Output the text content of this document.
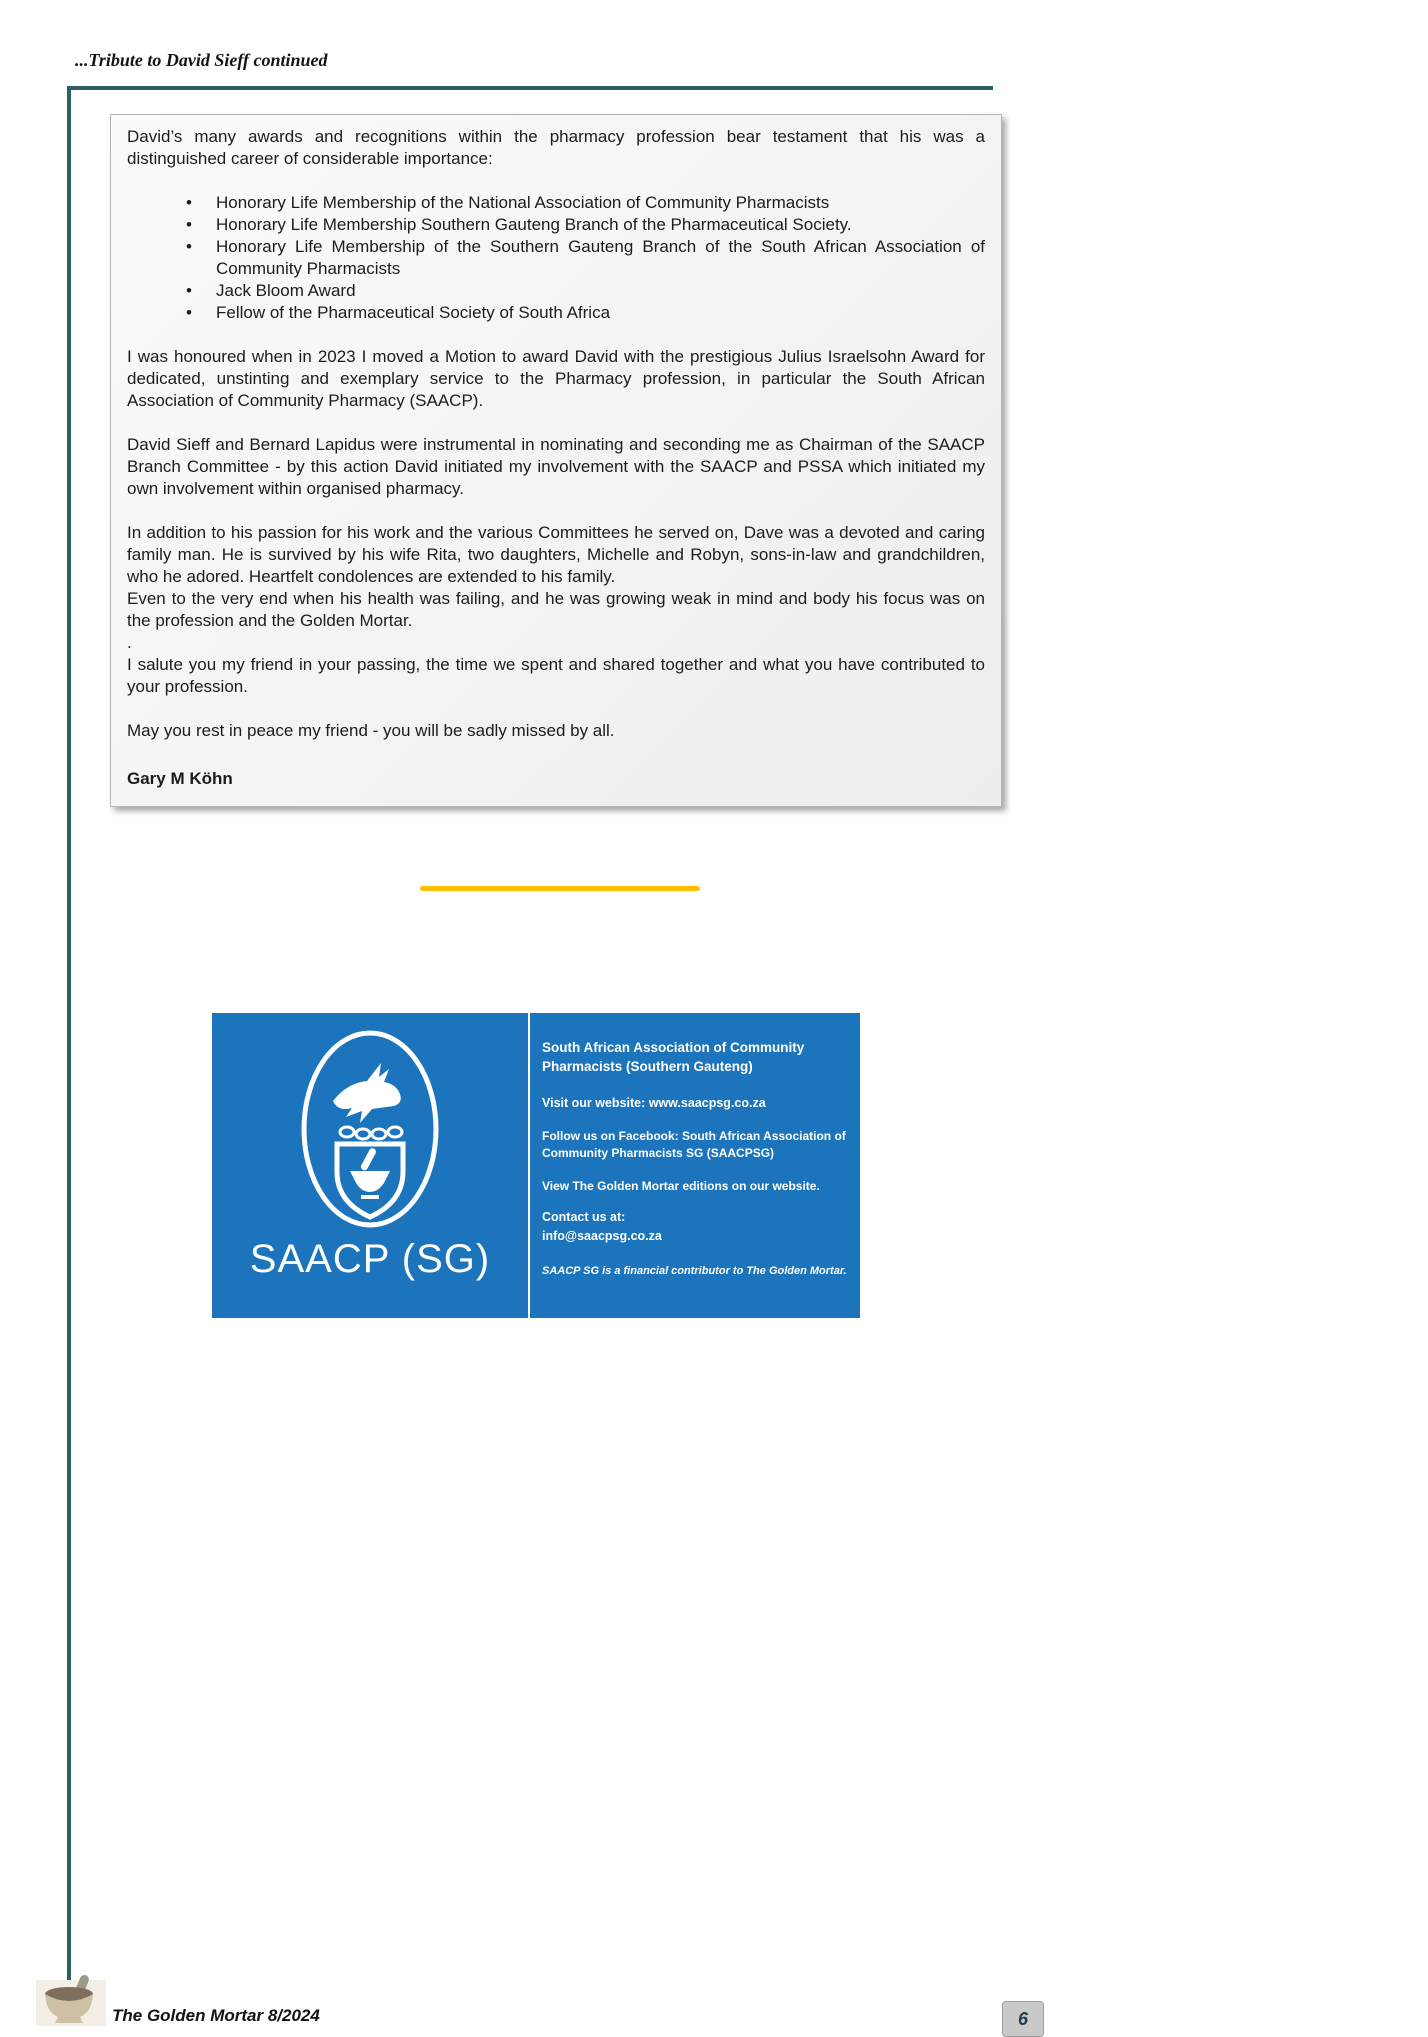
...Tribute to David Sieff continued

David’s many awards and recognitions within the pharmacy profession bear testament that his was a distinguished career of considerable importance:

• Honorary Life Membership of the National Association of Community Pharmacists
• Honorary Life Membership Southern Gauteng Branch of the Pharmaceutical Society.
• Honorary Life Membership of the Southern Gauteng Branch of the South African Association of Community Pharmacists
• Jack Bloom Award
• Fellow of the Pharmaceutical Society of South Africa

I was honoured when in 2023 I moved a Motion to award David with the prestigious Julius Israelsohn Award for dedicated, unstinting and exemplary service to the Pharmacy profession, in particular the South African Association of Community Pharmacy (SAACP).

David Sieff and Bernard Lapidus were instrumental in nominating and seconding me as Chairman of the SAACP Branch Committee - by this action David initiated my involvement with the SAACP and PSSA which initiated my own involvement within organised pharmacy.

In addition to his passion for his work and the various Committees he served on, Dave was a devoted and caring family man. He is survived by his wife Rita, two daughters, Michelle and Robyn, sons-in-law and grandchildren, who he adored. Heartfelt condolences are extended to his family.

Even to the very end when his health was failing, and he was growing weak in mind and body his focus was on the profession and the Golden Mortar.

.

I salute you my friend in your passing, the time we spent and shared together and what you have contributed to your profession.

May you rest in peace my friend - you will be sadly missed by all.

Gary M Köhn

SAACP (SG)
South African Association of Community Pharmacists (Southern Gauteng)
Visit our website: www.saacpsg.co.za
Follow us on Facebook: South African Association of Community Pharmacists SG (SAACPSG)
View The Golden Mortar editions on our website.
Contact us at:
info@saacpsg.co.za
SAACP SG is a financial contributor to The Golden Mortar.
The Golden Mortar 8/2024	6
